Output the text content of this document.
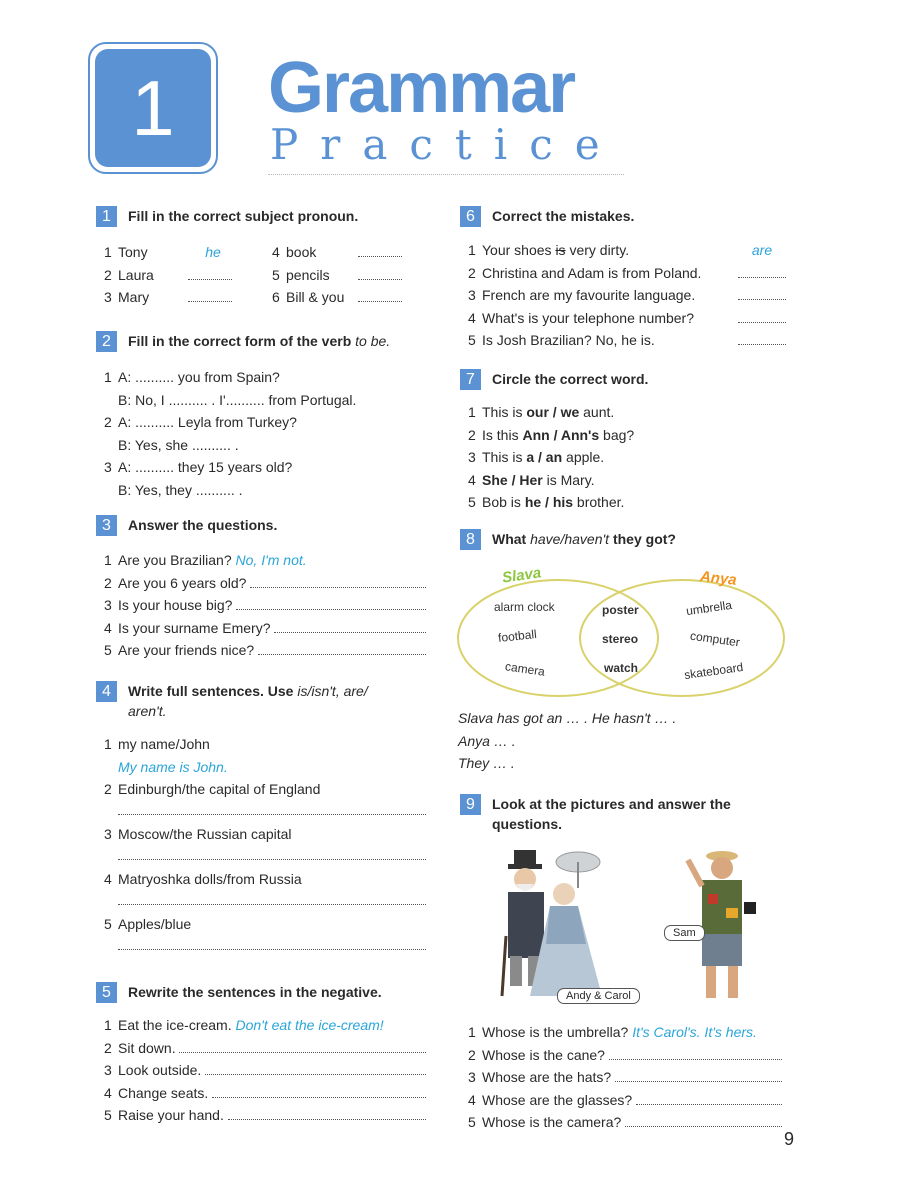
1	Grammar
Practice
1	Fill in the correct subject pronoun.
1 Tony	he
2 Laura
3 Mary
4 book
5 pencils
6 Bill & you
2	Fill in the correct form of the verb to be.
1 A: .......... you from Spain?
B: No, I .......... . I'.......... from Portugal.
2 A: .......... Leyla from Turkey?
B: Yes, she .......... .
3 A: .......... they 15 years old?
B: Yes, they .......... .
3	Answer the questions.
1 Are you Brazilian?
No, I'm not.
2 Are you 6 years old?

3 Is your house big?

4 Is your surname Emery?

5 Are your friends nice?

4	Write full sentences. Use is/isn't, are/ aren't.
1 my name/John
My name is John.
2 Edinburgh/the capital of England
3 Moscow/the Russian capital
4 Matryoshka dolls/from Russia
5 Apples/blue
5	Rewrite the sentences in the negative.
1 Eat the ice-cream.
Don't eat the ice-cream!
2 Sit down.

3 Look outside.

4 Change seats.

5 Raise your hand.

6	Correct the mistakes.
1 Your shoes is very dirty.	are
2 Christina and Adam is from Poland.
3 French are my favourite language.
4 What's is your telephone number?
5 Is Josh Brazilian? No, he is.
7	Circle the correct word.
1 This is our / we aunt.
2 Is this Ann / Ann's bag?
3 This is a / an apple.
4 She / Her is Mary.
5 Bob is he / his brother.
8	What have/haven't they got?
Slava	Anya
alarm clock
football
camera
poster
stereo
watch
umbrella
computer
skateboard
Slava has got an … . He hasn't … .
Anya … .
They … .
9	Look at the pictures and answer the questions.
Sam
Andy & Carol
1 Whose is the umbrella?
It's Carol's. It's hers.
2 Whose is the cane?

3 Whose are the hats?

4 Whose are the glasses?

5 Whose is the camera?

9
